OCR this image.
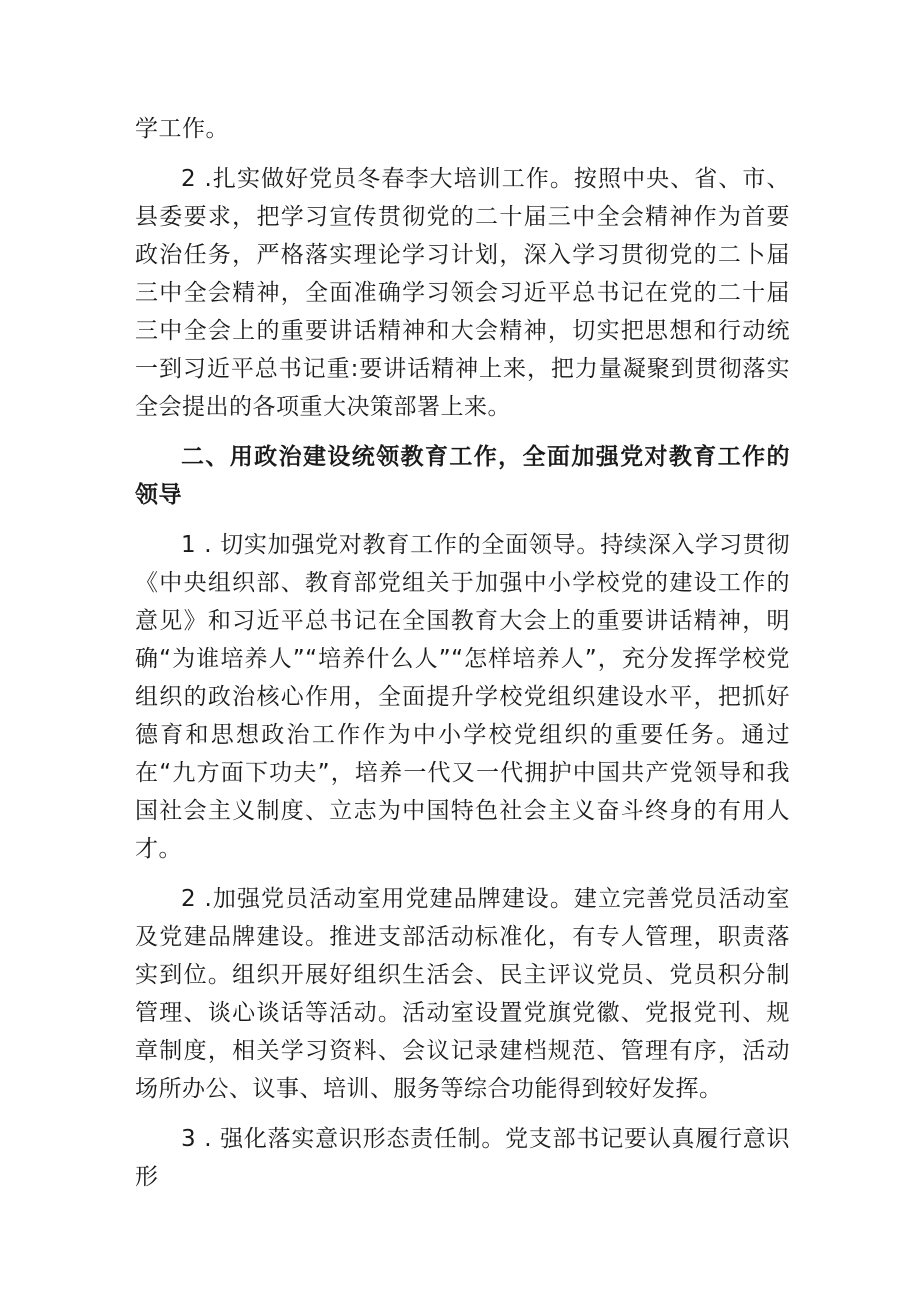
学工作。

2 .扎实做好党员冬春李大培训工作。按照中央、省、市、县委要求，把学习宣传贯彻党的二十届三中全会精神作为首要政治任务，严格落实理论学习计划，深入学习贯彻党的二卜届三中全会精神，全面准确学习领会习近平总书记在党的二十届三中全会上的重要讲话精神和大会精神，切实把思想和行动统一到习近平总书记重:要讲话精神上来，把力量凝聚到贯彻落实全会提出的各项重大决策部署上来。

二、用政治建设统领教育工作，全面加强党对教育工作的领导

1 . 切实加强党对教育工作的全面领导。持续深入学习贯彻《中央组织部、教育部党组关于加强中小学校党的建设工作的意见》和习近平总书记在全国教育大会上的重要讲话精神，明确“为谁培养人”“培养什么人”“怎样培养人”，充分发挥学校党组织的政治核心作用，全面提升学校党组织建设水平，把抓好德育和思想政治工作作为中小学校党组织的重要任务。通过在“九方面下功夫”，培养一代又一代拥护中国共产党领导和我国社会主义制度、立志为中国特色社会主义奋斗终身的有用人才。

2 .加强党员活动室用党建品牌建设。建立完善党员活动室及党建品牌建设。推进支部活动标准化，有专人管理，职责落实到位。组织开展好组织生活会、民主评议党员、党员积分制管理、谈心谈话等活动。活动室设置党旗党徽、党报党刊、规章制度，相关学习资料、会议记录建档规范、管理有序，活动场所办公、议事、培训、服务等综合功能得到较好发挥。

3 . 强化落实意识形态责任制。党支部书记要认真履行意识形
